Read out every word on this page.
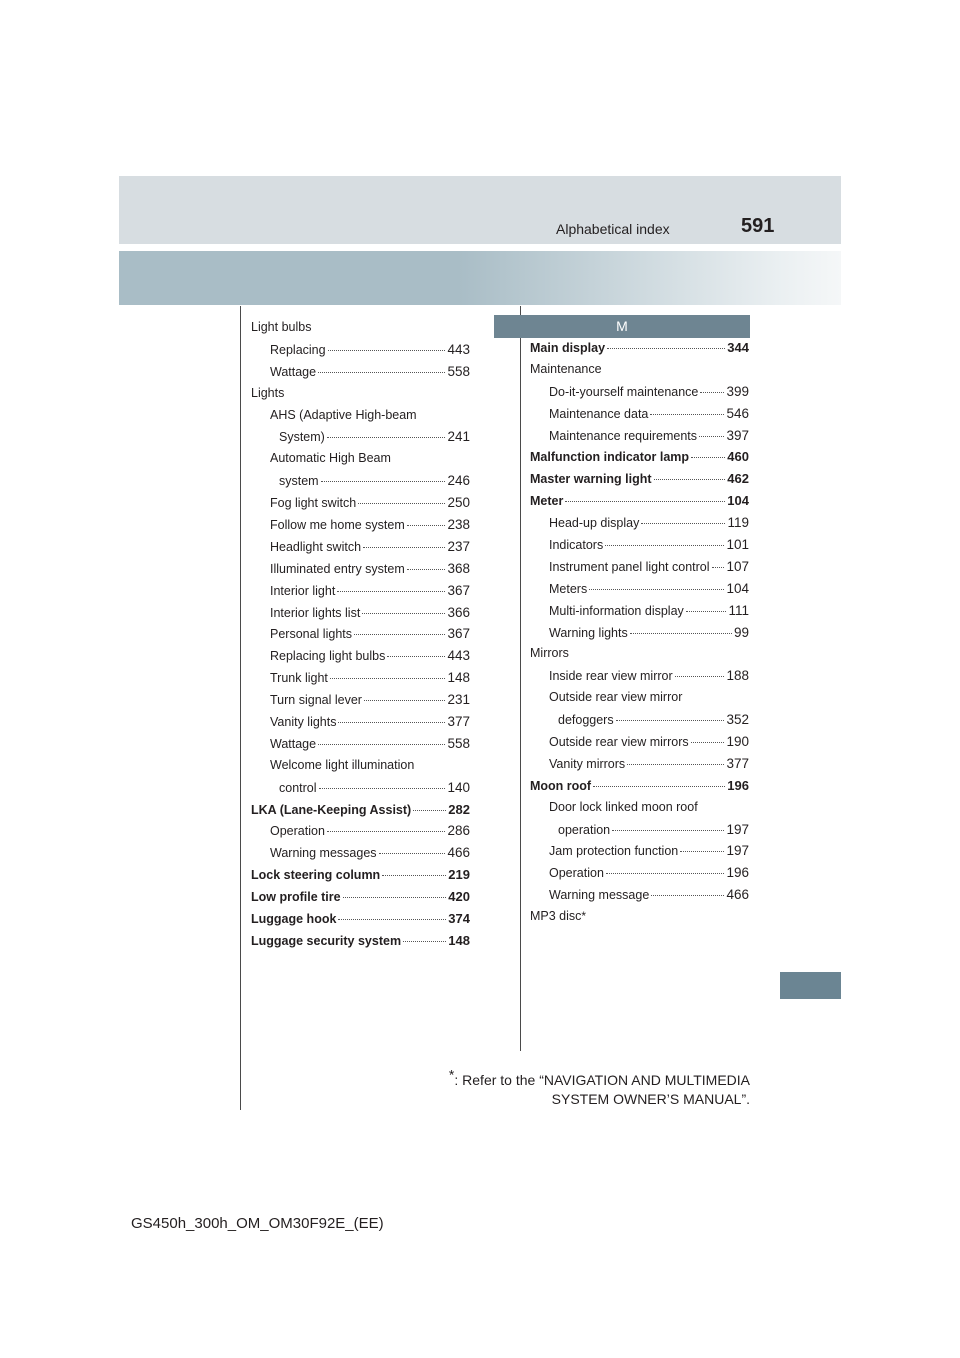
Alphabetical index	591
M
Light bulbs
Replacing	443
Wattage	558
Lights
AHS (Adaptive High-beam
System)	241
Automatic High Beam
system	246
Fog light switch	250
Follow me home system	238
Headlight switch	237
Illuminated entry system	368
Interior light	367
Interior lights list	366
Personal lights	367
Replacing light bulbs	443
Trunk light	148
Turn signal lever	231
Vanity lights	377
Wattage	558
Welcome light illumination
control	140
LKA (Lane-Keeping Assist)	282
Operation	286
Warning messages	466
Lock steering column	219
Low profile tire	420
Luggage hook	374
Luggage security system	148
Main display	344
Maintenance
Do-it-yourself maintenance 399
Maintenance data	546
Maintenance requirements 397
Malfunction indicator lamp	460
Master warning light	462
Meter	104
Head-up display	119
Indicators	101
Instrument panel light control 107
Meters	104
Multi-information display	111
Warning lights	99
Mirrors
Inside rear view mirror	188
Outside rear view mirror
defoggers	352
Outside rear view mirrors	190
Vanity mirrors	377
Moon roof	196
Door lock linked moon roof
operation	197
Jam protection function	197
Operation	196
Warning message	466
MP3 disc *
*: Refer to the “NAVIGATION AND MULTIMEDIA
SYSTEM OWNER’S MANUAL”.
GS450h_300h_OM_OM30F92E_(EE)
